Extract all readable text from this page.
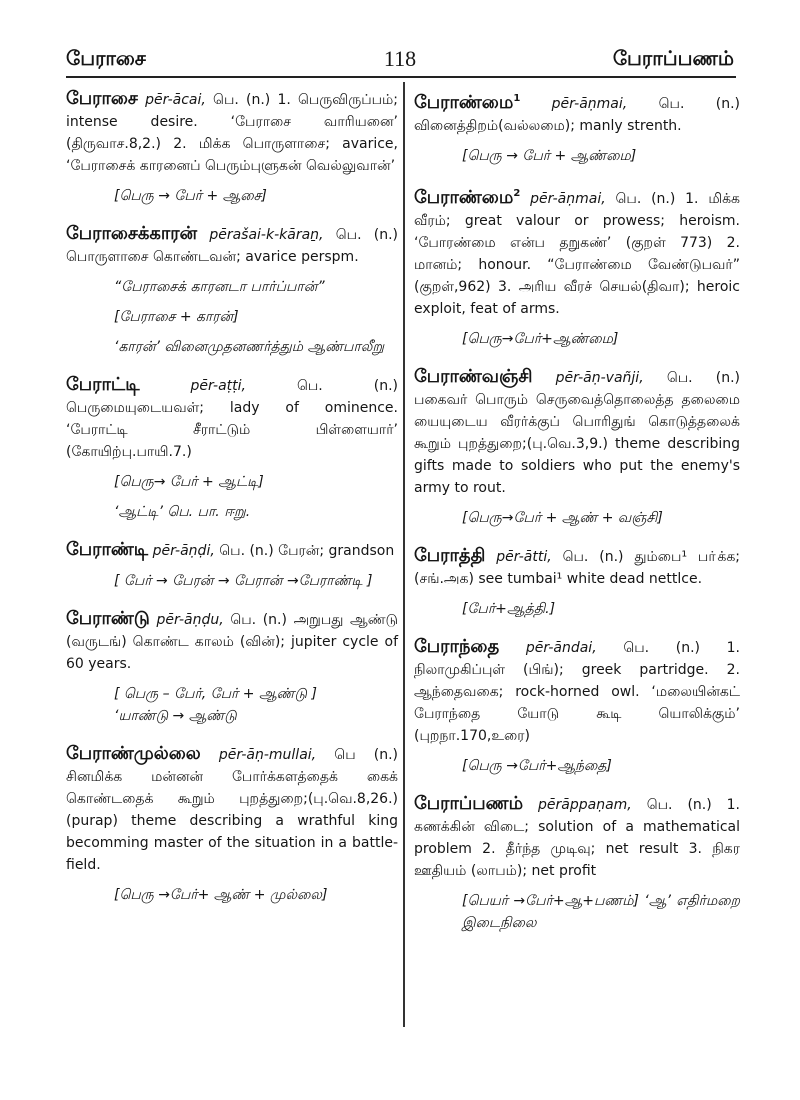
பேராசை	118	பேராப்பணம்

பேராசை pēr-ācai, பெ. (n.) 1. பெருவிருப்பம்; intense desire. ‘பேராசை வாரியனை’ (திருவாச.8,2.) 2. மிக்க பொருளாசை; avarice, ‘பேராசைக் காரனைப் பெரும்புளுகன் வெல்லுவான்’

[பெரு → பேர் + ஆசை]

பேராசைக்காரன் pērašai-k-kāraṉ, பெ. (n.) பொருளாசை கொண்டவன்; avarice perspm.

“பேராசைக் காரனடா பார்ப்பான்”

[பேராசை + காரன்]

‘காரன்’ வினைமுதனணர்த்தும் ஆண்பாலீறு

பேராட்டி	pēr-aṭṭi,	பெ. (n.) பெருமையுடையவள்; lady of ominence. ‘பேராட்டி சீராட்டும் பிள்ளையார்’ (கோயிற்பு.பாயி.7.)

[பெரு→ பேர் + ஆட்டி]

‘ஆட்டி’ பெ. பா. ஈறு.

பேராண்டி pēr-āṇḍi, பெ. (n.) பேரன்; grandson

[ பேர் → பேரன் → பேரான் →பேராண்டி ]

பேராண்டு pēr-āṇḍu, பெ. (n.) அறுபது ஆண்டு (வருடங்) கொண்ட காலம் (வின்); jupiter cycle of 60 years.

[ பெரு – பேர், பேர் + ஆண்டு ]

‘யாண்டு → ஆண்டு

பேராண்முல்லை pēr-āṇ-mullai, பெ (n.) சினமிக்க மன்னன் போர்க்களத்தைக் கைக் கொண்டதைக் கூறும் புறத்துறை;(பு.வெ.8,26.) (purap) theme describing a wrathful king becomming master of the situation in a battle- field.

[பெரு →பேர்+ ஆண் + முல்லை]

பேராண்மை$^1$ pēr-āṇmai, பெ. (n.) வினைத்திறம்(வல்லமை); manly strenth.

[பெரு → பேர் + ஆண்மை]

பேராண்மை$^2$ pēr-āṇmai, பெ. (n.) 1. மிக்க வீரம்; great valour or prowess; heroism. ‘போரண்மை என்ப தறுகண்’ (குறள் 773) 2. மானம்; honour. “பேராண்மை வேண்டுபவர்” (குறள்,962) 3. அரிய வீரச் செயல்(திவா); heroic exploit, feat of arms.

[பெரு→பேர்+ஆண்மை]

பேராண்வஞ்சி pēr-āṇ-vañji, பெ. (n.) பகைவர் பொரும் செருவைத்தொலைத்த தலைமை யையுடைய வீரர்க்குப் பொரிதுங் கொடுத்தலைக் கூறும் புறத்துறை;(பு.வெ.3,9.) theme describing gifts made to soldiers who put the enemy's army to rout.

[பெரு→பேர் + ஆண் + வஞ்சி]

பேராத்தி pēr-ātti, பெ. (n.) தும்பை¹ பா்க்க;(சங்.அக) see tumbai¹ white dead nettlce.

[பேர்+ஆத்தி.]

பேராந்தை pēr-āndai, பெ. (n.) 1. நிலாமுகிப்புள் (பிங்); greek partridge. 2. ஆந்தைவகை; rock-horned owl. ‘மலையின்கட் பேராந்தை யோடு கூடி யொலிக்கும்’ (புறநா.170,உரை)

[பெரு →பேர்+ஆந்தை]

பேராப்பணம் pērāppaṇam, பெ. (n.) 1. கணக்கின் விடை; solution of a mathematical problem 2. தீர்ந்த முடிவு; net result 3. நிகர ஊதியம் (லாபம்); net profit

[பெயர் →பேர்+ஆ+பணம்] ‘ஆ’ எதிர்மறை இடைநிலை
